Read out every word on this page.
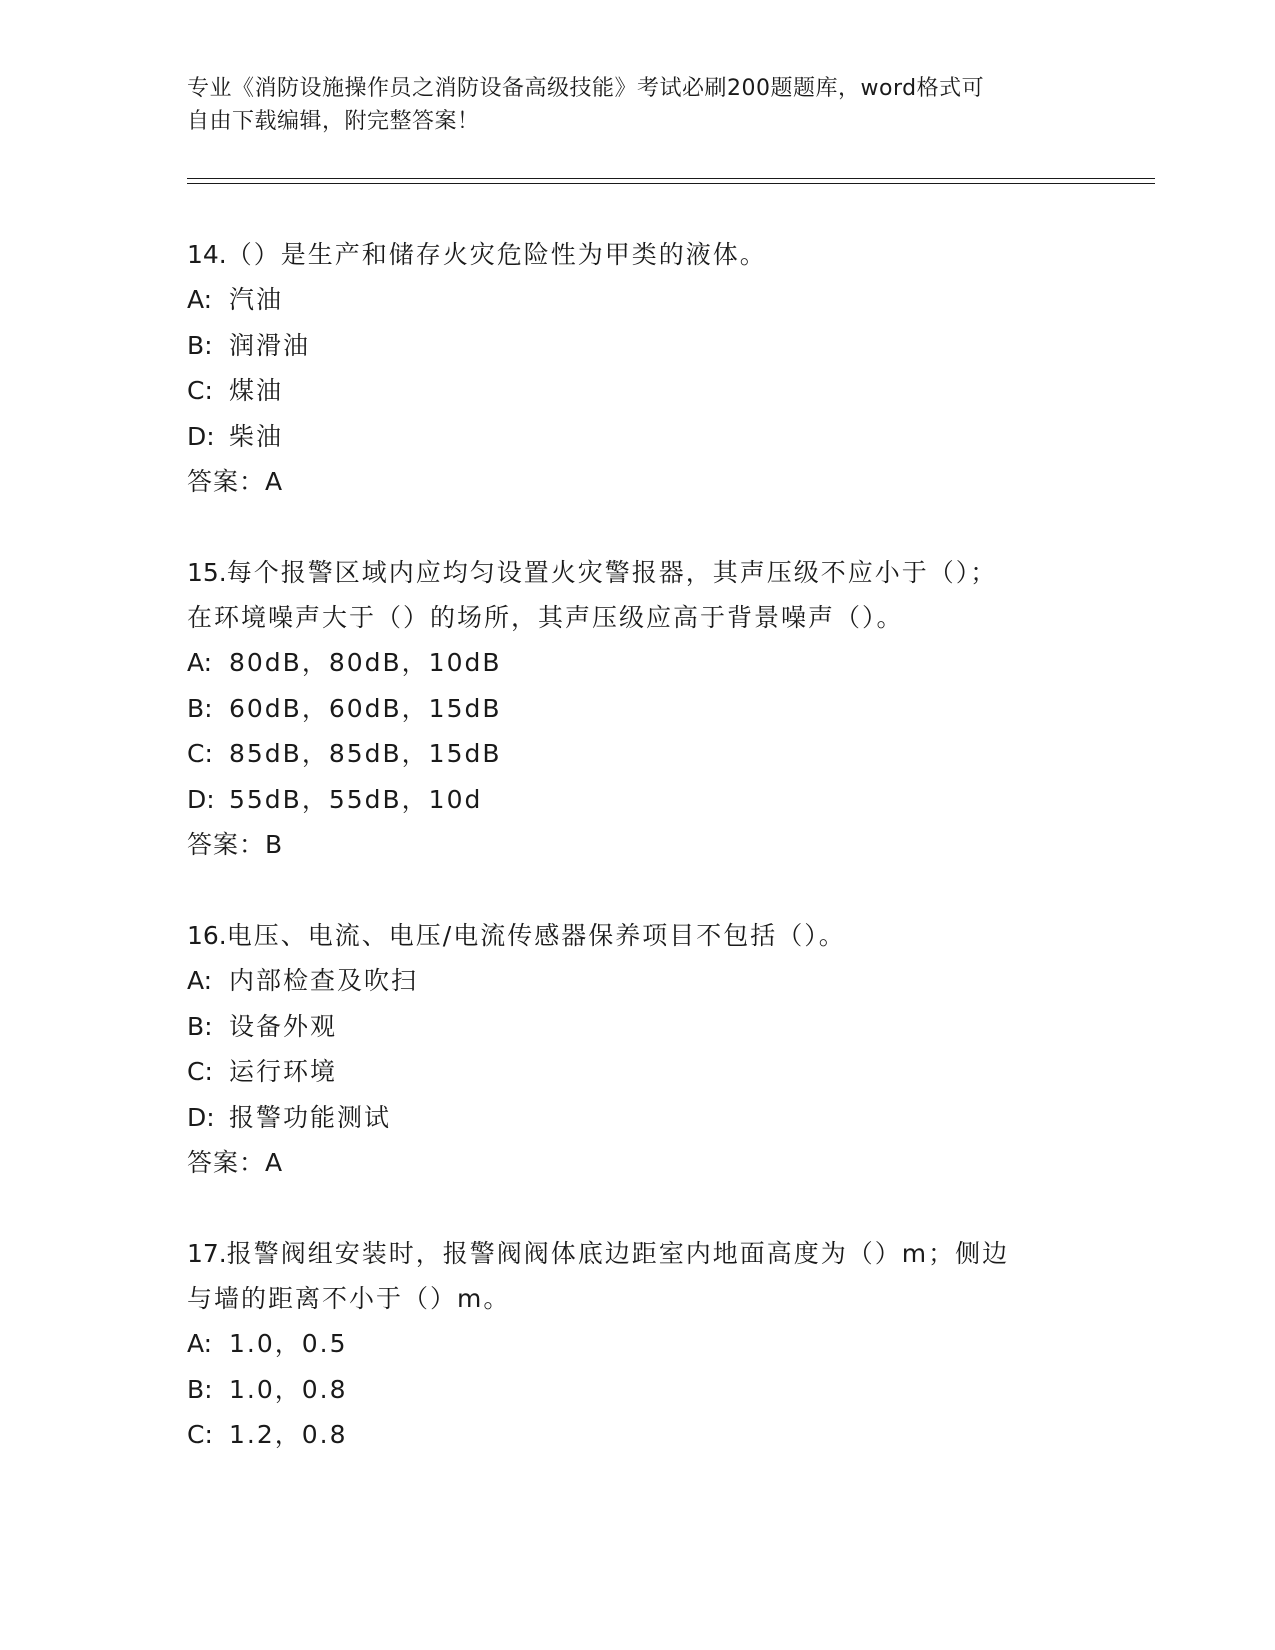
专业《消防设施操作员之消防设备高级技能》考试必刷200题题库，word格式可
自由下载编辑，附完整答案！
14.（）是生产和储存火灾危险性为甲类的液体。
A: 汽油
B: 润滑油
C: 煤油
D: 柴油
答案：A
15.每个报警区域内应均匀设置火灾警报器，其声压级不应小于（）；
在环境噪声大于（）的场所，其声压级应高于背景噪声（）。
A: 80dB，80dB，10dB
B: 60dB，60dB，15dB
C: 85dB，85dB，15dB
D: 55dB，55dB，10d
答案：B
16.电压、电流、电压/电流传感器保养项目不包括（）。
A: 内部检查及吹扫
B: 设备外观
C: 运行环境
D: 报警功能测试
答案：A
17.报警阀组安装时，报警阀阀体底边距室内地面高度为（）m；侧边
与墙的距离不小于（）m。
A: 1.0，0.5
B: 1.0，0.8
C: 1.2，0.8
